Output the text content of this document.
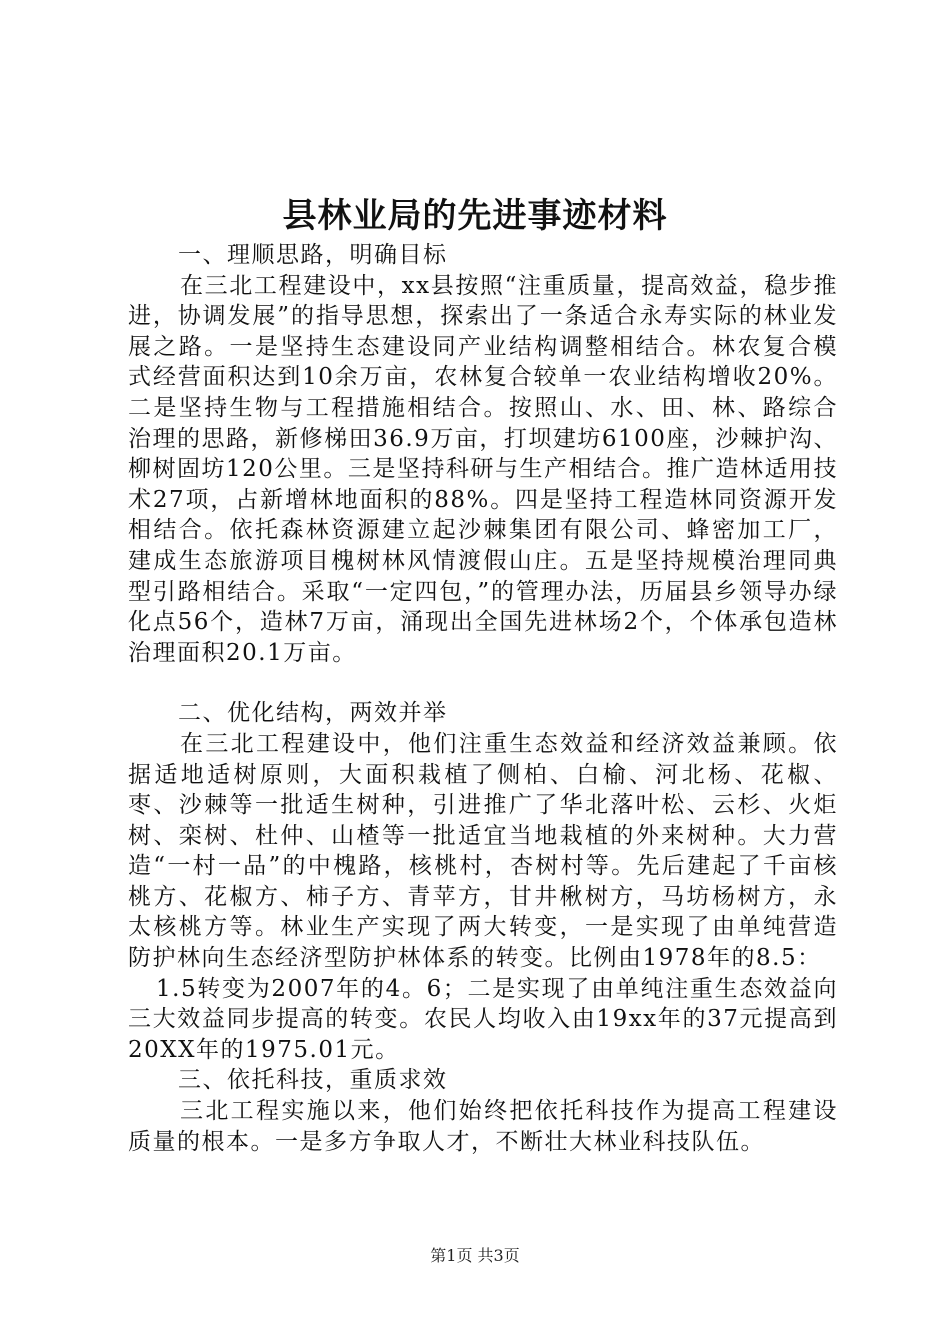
县林业局的先进事迹材料

一、理顺思路，明确目标

在三北工程建设中，xx县按照“注重质量，提高效益，稳步推进，协调发展”的指导思想，探索出了一条适合永寿实际的林业发展之路。一是坚持生态建设同产业结构调整相结合。林农复合模式经营面积达到10余万亩，农林复合较单一农业结构增收20%。二是坚持生物与工程措施相结合。按照山、水、田、林、路综合治理的思路，新修梯田36.9万亩，打坝建坊6100座，沙棘护沟、柳树固坊120公里。三是坚持科研与生产相结合。推广造林适用技术27项，占新增林地面积的88%。四是坚持工程造林同资源开发相结合。依托森林资源建立起沙棘集团有限公司、蜂密加工厂，建成生态旅游项目槐树林风情渡假山庄。五是坚持规模治理同典型引路相结合。采取“一定四包，”的管理办法，历届县乡领导办绿化点56个，造林7万亩，涌现出全国先进林场2个，个体承包造林治理面积20.1万亩。

二、优化结构，两效并举

在三北工程建设中，他们注重生态效益和经济效益兼顾。依据适地适树原则，大面积栽植了侧柏、白榆、河北杨、花椒、枣、沙棘等一批适生树种，引进推广了华北落叶松、云杉、火炬树、栾树、杜仲、山楂等一批适宜当地栽植的外来树种。大力营造“一村一品”的中槐路，核桃村，杏树村等。先后建起了千亩核桃方、花椒方、柿子方、青苹方，甘井楸树方，马坊杨树方，永太核桃方等。林业生产实现了两大转变，一是实现了由单纯营造防护林向生态经济型防护林体系的转变。比例由1978年的8.5：

1.5转变为2007年的4。6；二是实现了由单纯注重生态效益向三大效益同步提高的转变。农民人均收入由19xx年的37元提高到20XX年的1975.01元。

三、依托科技，重质求效

三北工程实施以来，他们始终把依托科技作为提高工程建设质量的根本。一是多方争取人才，不断壮大林业科技队伍。

第1页 共3页
